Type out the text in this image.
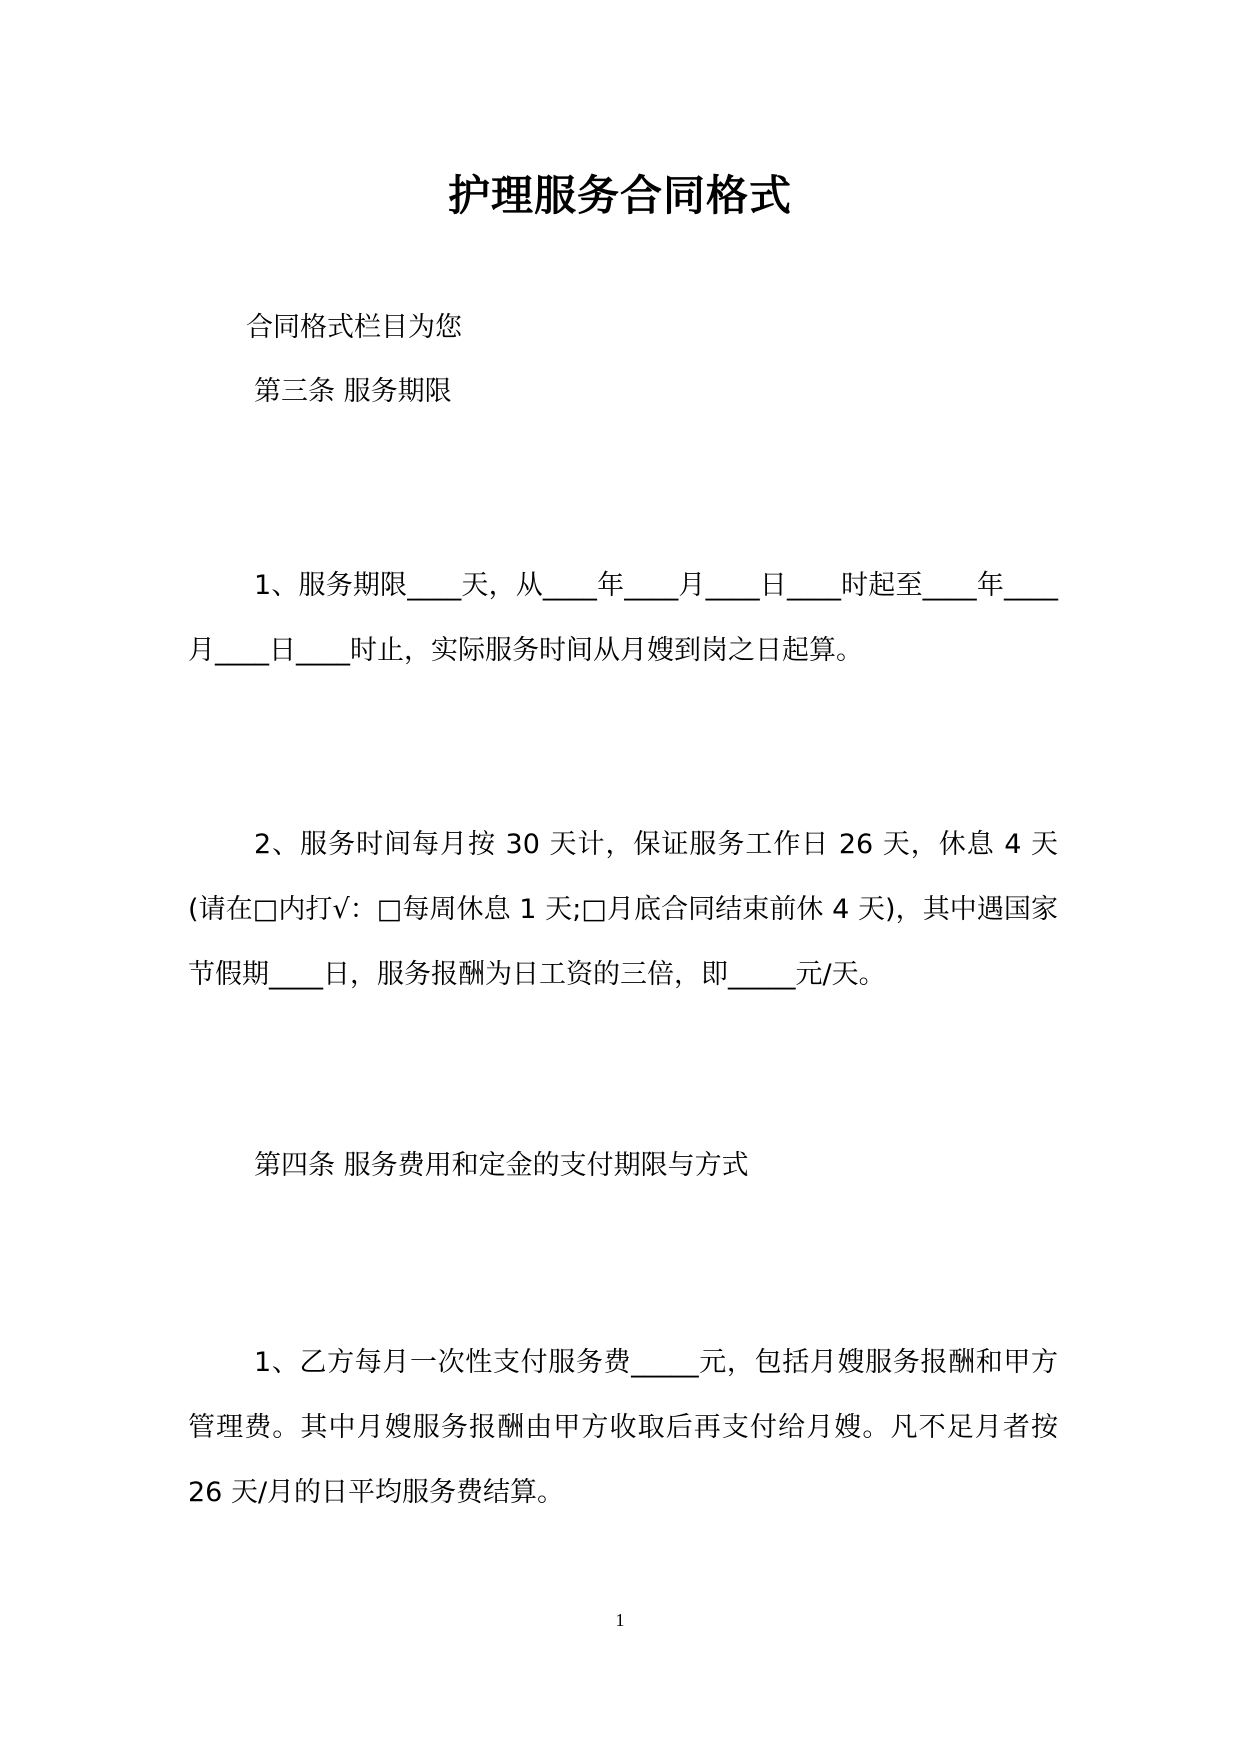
护理服务合同格式
合同格式栏目为您
第三条 服务期限
1、服务期限____天，从____年____月____日____时起至____年____月____日____时止，实际服务时间从月嫂到岗之日起算。
2、服务时间每月按 30 天计，保证服务工作日 26 天，休息 4 天(请在□内打√：□每周休息 1 天;□月底合同结束前休 4 天)，其中遇国家节假期____日，服务报酬为日工资的三倍，即_____元/天。
第四条 服务费用和定金的支付期限与方式
1、乙方每月一次性支付服务费_____元，包括月嫂服务报酬和甲方管理费。其中月嫂服务报酬由甲方收取后再支付给月嫂。凡不足月者按 26 天/月的日平均服务费结算。
1
